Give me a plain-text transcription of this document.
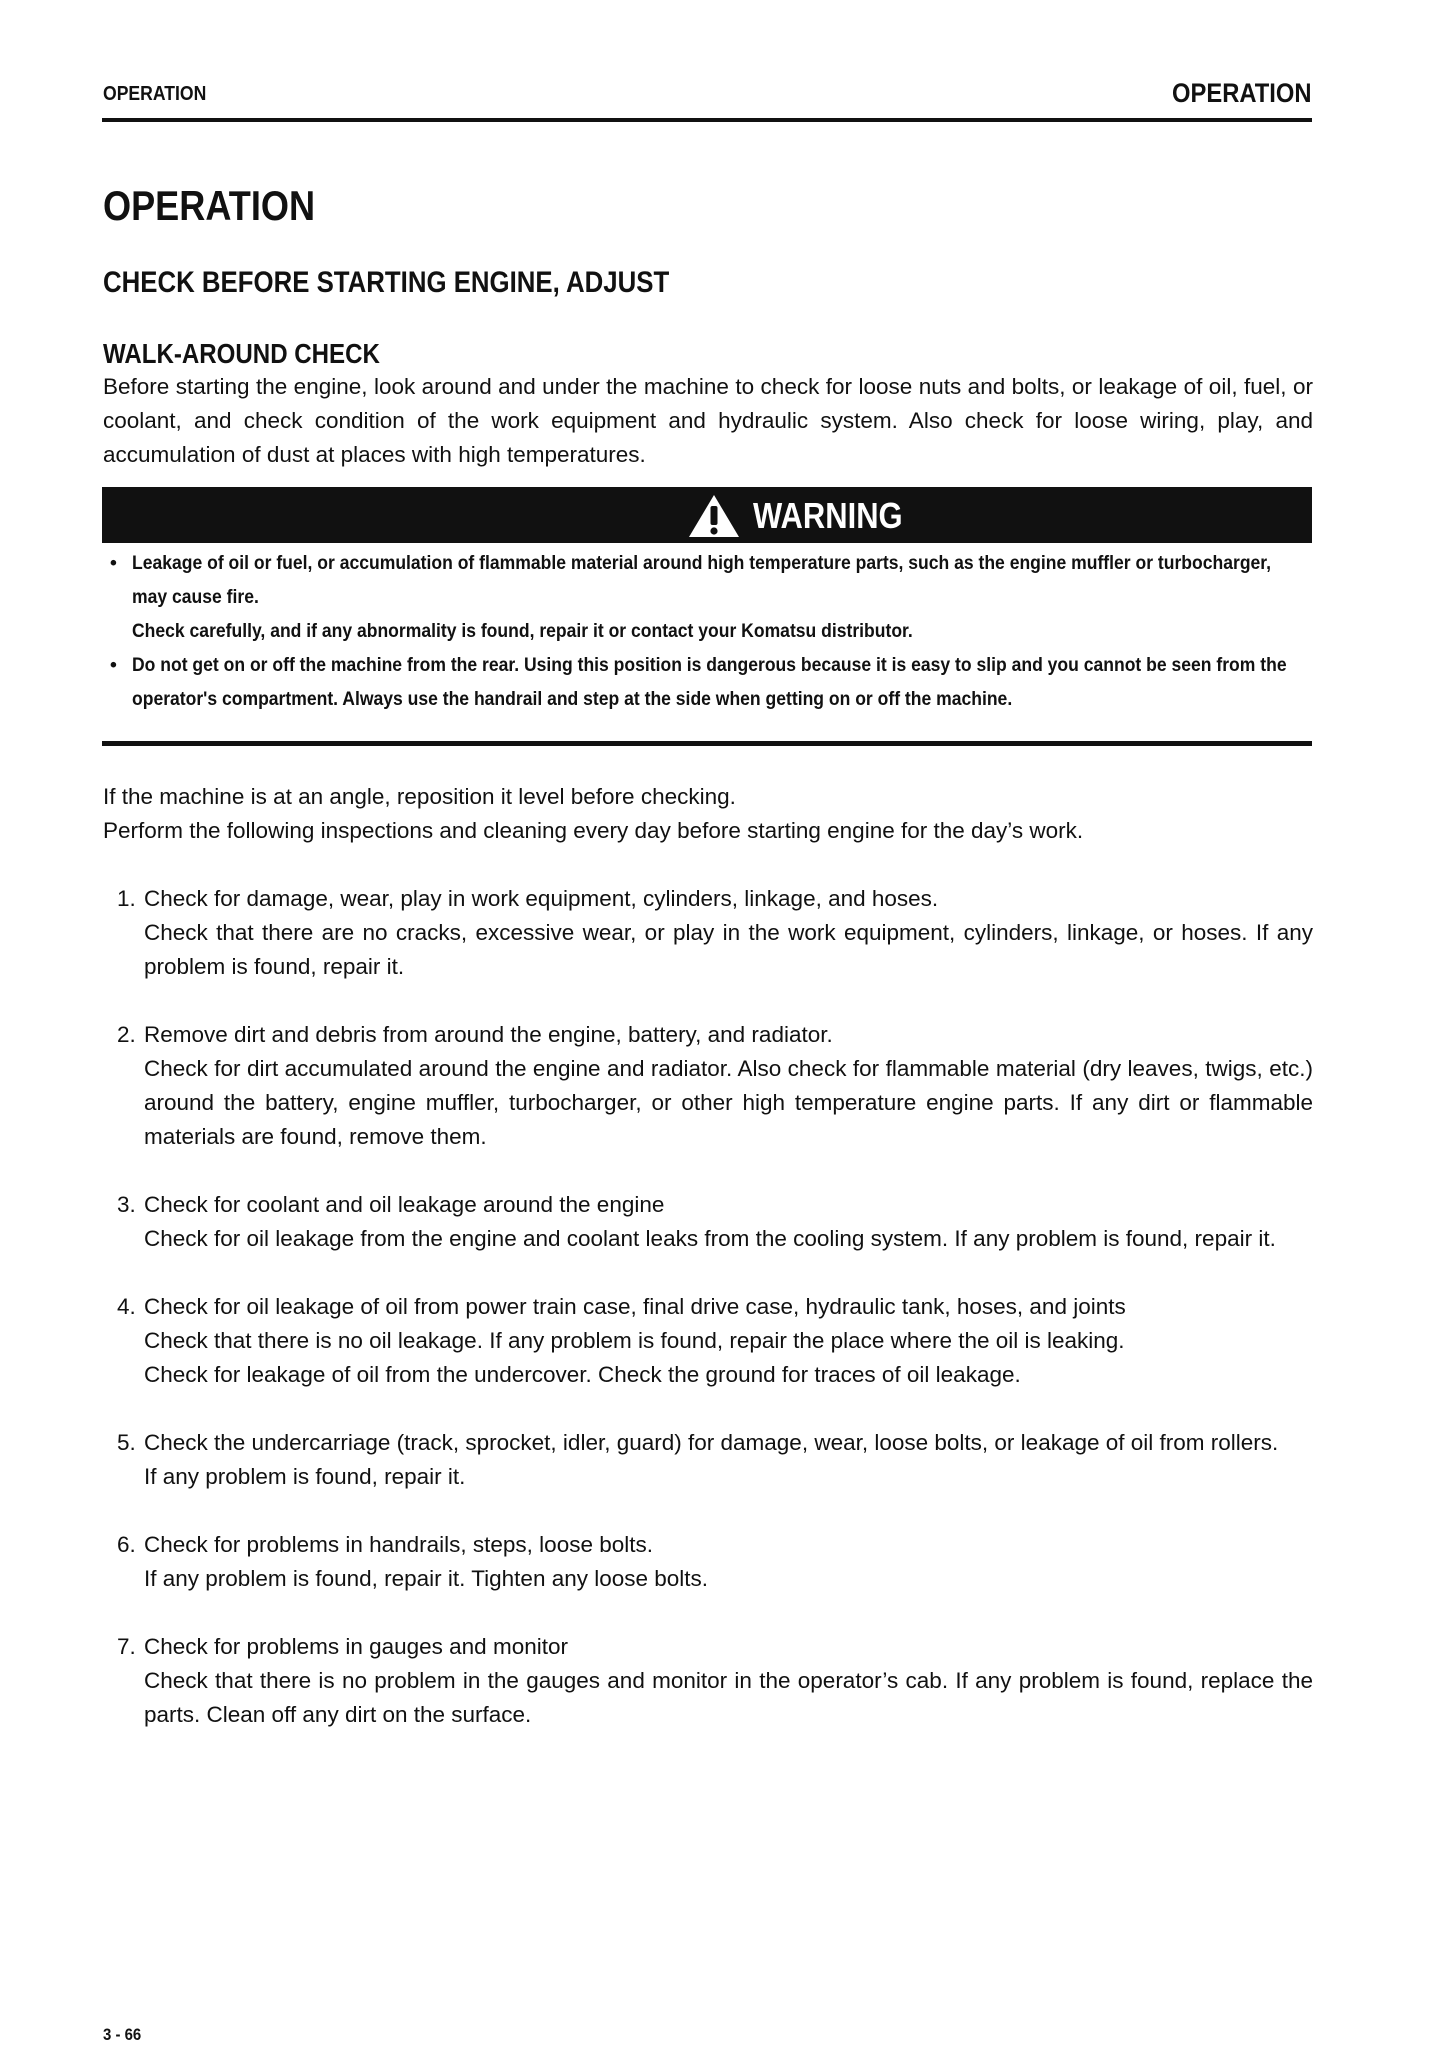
OPERATION	OPERATION
OPERATION
CHECK BEFORE STARTING ENGINE, ADJUST
WALK-AROUND CHECK

Before starting the engine, look around and under the machine to check for loose nuts and bolts, or leakage of oil, fuel, or coolant, and check condition of the work equipment and hydraulic system. Also check for loose wiring, play, and accumulation of dust at places with high temperatures.

WARNING
• Leakage of oil or fuel, or accumulation of flammable material around high temperature parts, such as the engine muffler or turbocharger, may cause fire.
Check carefully, and if any abnormality is found, repair it or contact your Komatsu distributor.
• Do not get on or off the machine from the rear. Using this position is dangerous because it is easy to slip and you cannot be seen from the operator's compartment. Always use the handrail and step at the side when getting on or off the machine.

If the machine is at an angle, reposition it level before checking.

Perform the following inspections and cleaning every day before starting engine for the day’s work.

1. Check for damage, wear, play in work equipment, cylinders, linkage, and hoses.

Check that there are no cracks, excessive wear, or play in the work equipment, cylinders, linkage, or hoses. If any problem is found, repair it.

2. Remove dirt and debris from around the engine, battery, and radiator.

Check for dirt accumulated around the engine and radiator. Also check for flammable material (dry leaves, twigs, etc.) around the battery, engine muffler, turbocharger, or other high temperature engine parts. If any dirt or flammable materials are found, remove them.

3. Check for coolant and oil leakage around the engine

Check for oil leakage from the engine and coolant leaks from the cooling system. If any problem is found, repair it.

4. Check for oil leakage of oil from power train case, final drive case, hydraulic tank, hoses, and joints

Check that there is no oil leakage. If any problem is found, repair the place where the oil is leaking.

Check for leakage of oil from the undercover. Check the ground for traces of oil leakage.

5. Check the undercarriage (track, sprocket, idler, guard) for damage, wear, loose bolts, or leakage of oil from rollers.

If any problem is found, repair it.

6. Check for problems in handrails, steps, loose bolts.

If any problem is found, repair it. Tighten any loose bolts.

7. Check for problems in gauges and monitor

Check that there is no problem in the gauges and monitor in the operator’s cab. If any problem is found, replace the parts. Clean off any dirt on the surface.

3 - 66
